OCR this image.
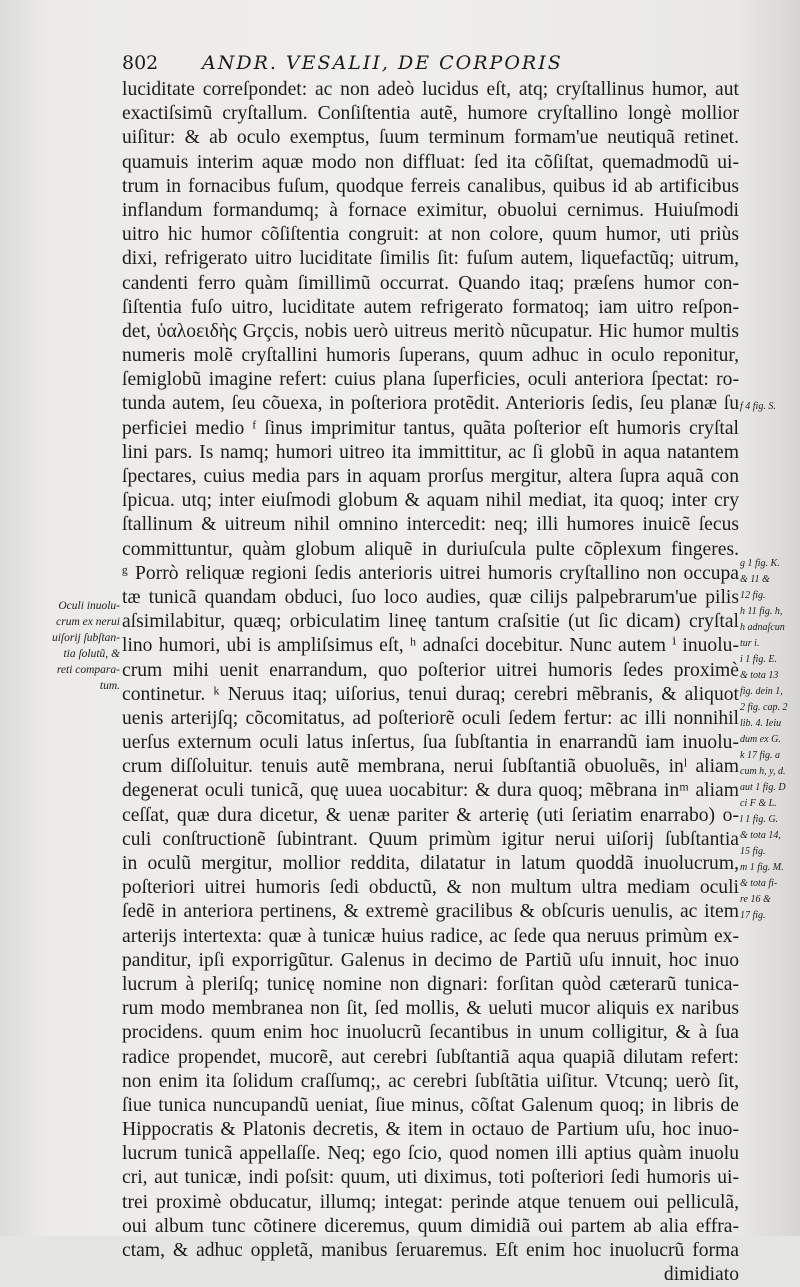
802 ANDR. VESALII, DE CORPORIS
luciditate correſpondet: ac non adeò lucidus eſt, atq; cryſtallinus humor, aut
exactiſsimũ cryſtallum. Conſiſtentia autẽ, humore cryſtallino longè mollior
uiſitur: & ab oculo exemptus, ſuum terminum formam'ue neutiquã retinet.
quamuis interim aquæ modo non diffluat: ſed ita cõſiſtat, quemadmodũ ui-
trum in fornacibus fuſum, quodque ferreis canalibus, quibus id ab artificibus
inflandum formandumq; à fornace eximitur, obuolui cernimus. Huiuſmodi
uitro hic humor cõſiſtentia congruit: at non colore, quum humor, uti priùs
dixi, refrigerato uitro luciditate ſimilis ſit: fuſum autem, liquefactũq; uitrum,
candenti ferro quàm ſimillimũ occurrat. Quando itaq; præſens humor con-
ſiſtentia fuſo uitro, luciditate autem refrigerato formatoq; iam uitro reſpon-
det, ὑαλοειδὴς Grçcis, nobis uerò uitreus meritò nũcupatur. Hic humor multis
numeris molẽ cryſtallini humoris ſuperans, quum adhuc in oculo reponitur,
ſemiglobũ imagine refert: cuius plana ſuperficies, oculi anteriora ſpectat: ro-
tunda autem, ſeu cõuexa, in poſteriora protẽdit. Anterioris ſedis, ſeu planæ ſu
perficiei medio ᶠ ſinus imprimitur tantus, quãta poſterior eſt humoris cryſtal
lini pars. Is namq; humori uitreo ita immittitur, ac ſi globũ in aqua natantem
ſpectares, cuius media pars in aquam prorſus mergitur, altera ſupra aquã con
ſpicua. utq; inter eiuſmodi globum & aquam nihil mediat, ita quoq; inter cry
ſtallinum & uitreum nihil omnino intercedit: neq; illi humores inuicẽ ſecus
committuntur, quàm globum aliquẽ in duriuſcula pulte cõplexum fingeres.
ᵍ Porrò reliquæ regioni ſedis anterioris uitrei humoris cryſtallino non occupa
tæ tunicã quandam obduci, ſuo loco audies, quæ cilijs palpebrarum'ue pilis
aſsimilabitur, quæq; orbiculatim lineę tantum craſsitie (ut ſic dicam) cryſtal
lino humori, ubi is ampliſsimus eſt, ʰ adnaſci docebitur. Nunc autem ⁱ inuolu-
crum mihi uenit enarrandum, quo poſterior uitrei humoris ſedes proximè
continetur. ᵏ Neruus itaq; uiſorius, tenui duraq; cerebri mẽbranis, & aliquot
uenis arterijſq; cõcomitatus, ad poſteriorẽ oculi ſedem fertur: ac illi nonnihil
uerſus externum oculi latus inſertus, ſua ſubſtantia in enarrandũ iam inuolu-
crum diſſoluitur. tenuis autẽ membrana, nerui ſubſtantiã obuoluẽs, inˡ aliam
degenerat oculi tunicã, quę uuea uocabitur: & dura quoq; mẽbrana inᵐ aliam
ceſſat, quæ dura dicetur, & uenæ pariter & arterię (uti ſeriatim enarrabo) o-
culi conſtructionẽ ſubintrant. Quum primùm igitur nerui uiſorij ſubſtantia
in oculũ mergitur, mollior reddita, dilatatur in latum quoddã inuolucrum,
poſteriori uitrei humoris ſedi obductũ, & non multum ultra mediam oculi
ſedẽ in anteriora pertinens, & extremè gracilibus & obſcuris uenulis, ac item
arterijs intertexta: quæ à tunicæ huius radice, ac ſede qua neruus primùm ex-
panditur, ipſi exporrigũtur. Galenus in decimo de Partiũ uſu innuit, hoc inuo
lucrum à pleriſq; tunicę nomine non dignari: forſitan quòd cæterarũ tunica-
rum modo membranea non ſit, ſed mollis, & ueluti mucor aliquis ex naribus
procidens. quum enim hoc inuolucrũ ſecantibus in unum colligitur, & à ſua
radice propendet, mucorẽ, aut cerebri ſubſtantiã aqua quapiã dilutam refert:
non enim ita ſolidum craſſumq;, ac cerebri ſubſtãtia uiſitur. Vtcunq; uerò ſit,
ſiue tunica nuncupandũ ueniat, ſiue minus, cõſtat Galenum quoq; in libris de
Hippocratis & Platonis decretis, & item in octauo de Partium uſu, hoc inuo-
lucrum tunicã appellaſſe. Neq; ego ſcio, quod nomen illi aptius quàm inuolu
cri, aut tunicæ, indi poſsit: quum, uti diximus, toti poſteriori ſedi humoris ui-
trei proximè obducatur, illumq; integat: perinde atque tenuem oui pelliculã,
oui album tunc cõtinere diceremus, quum dimidiã oui partem ab alia effra-
ctam, & adhuc oppletã, manibus ſeruaremus. Eſt enim hoc inuolucrũ forma
dimidiato
Oculi inuolu-
crum ex nerui
uiſorij ſubſtan-
tia ſolutũ, &
reti compara-
tum.
f 4 fig. S.
g 1 fig. K.
& 11 &
12 fig.
h 11 fig. h,
h adnaſcun
tur i.
i 1 fig. E.
& tota 13
fig. dein 1,
2 fig. cap. 2
lib. 4. Ieiu
dum ex G.
k 17 fig. a
cum h, y, d.
aut 1 fig. D
ci F & L.
l 1 fig. G.
& tota 14,
15 fig.
m 1 fig. M.
& tota fi-
re 16 &
17 fig.
